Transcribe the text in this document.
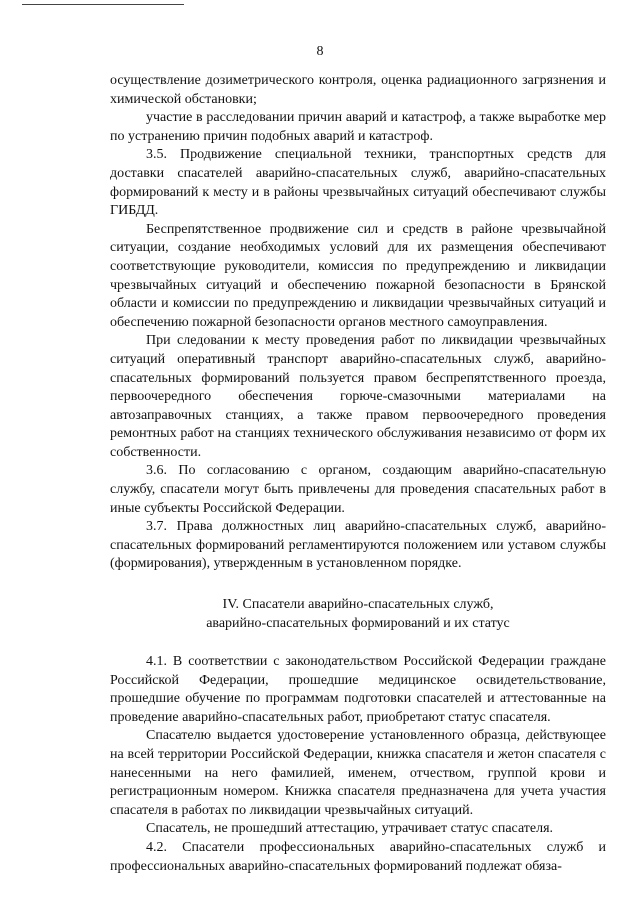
8

осуществление дозиметрического контроля, оценка радиационного загрязнения и химической обстановки;

участие в расследовании причин аварий и катастроф, а также выработке мер по устранению причин подобных аварий и катастроф.

3.5. Продвижение специальной техники, транспортных средств для доставки спасателей аварийно-спасательных служб, аварийно-спасательных формирований к месту и в районы чрезвычайных ситуаций обеспечивают службы ГИБДД.

Беспрепятственное продвижение сил и средств в районе чрезвычайной ситуации, создание необходимых условий для их размещения обеспечивают соответствующие руководители, комиссия по предупреждению и ликвидации чрезвычайных ситуаций и обеспечению пожарной безопасности в Брянской области и комиссии по предупреждению и ликвидации чрезвычайных ситуаций и обеспечению пожарной безопасности органов местного самоуправления.

При следовании к месту проведения работ по ликвидации чрезвычайных ситуаций оперативный транспорт аварийно-спасательных служб, аварийно-спасательных формирований пользуется правом беспрепятственного проезда, первоочередного обеспечения горюче-смазочными материалами на автозаправочных станциях, а также правом первоочередного проведения ремонтных работ на станциях технического обслуживания независимо от форм их собственности.

3.6. По согласованию с органом, создающим аварийно-спасательную службу, спасатели могут быть привлечены для проведения спасательных работ в иные субъекты Российской Федерации.

3.7. Права должностных лиц аварийно-спасательных служб, аварийно-спасательных формирований регламентируются положением или уставом службы (формирования), утвержденным в установленном порядке.

IV. Спасатели аварийно-спасательных служб,
аварийно-спасательных формирований и их статус

4.1. В соответствии с законодательством Российской Федерации граждане Российской Федерации, прошедшие медицинское освидетельствование, прошедшие обучение по программам подготовки спасателей и аттестованные на проведение аварийно-спасательных работ, приобретают статус спасателя.

Спасателю выдается удостоверение установленного образца, действующее на всей территории Российской Федерации, книжка спасателя и жетон спасателя с нанесенными на него фамилией, именем, отчеством, группой крови и регистрационным номером. Книжка спасателя предназначена для учета участия спасателя в работах по ликвидации чрезвычайных ситуаций.

Спасатель, не прошедший аттестацию, утрачивает статус спасателя.

4.2. Спасатели профессиональных аварийно-спасательных служб и профессиональных аварийно-спасательных формирований подлежат обяза-
